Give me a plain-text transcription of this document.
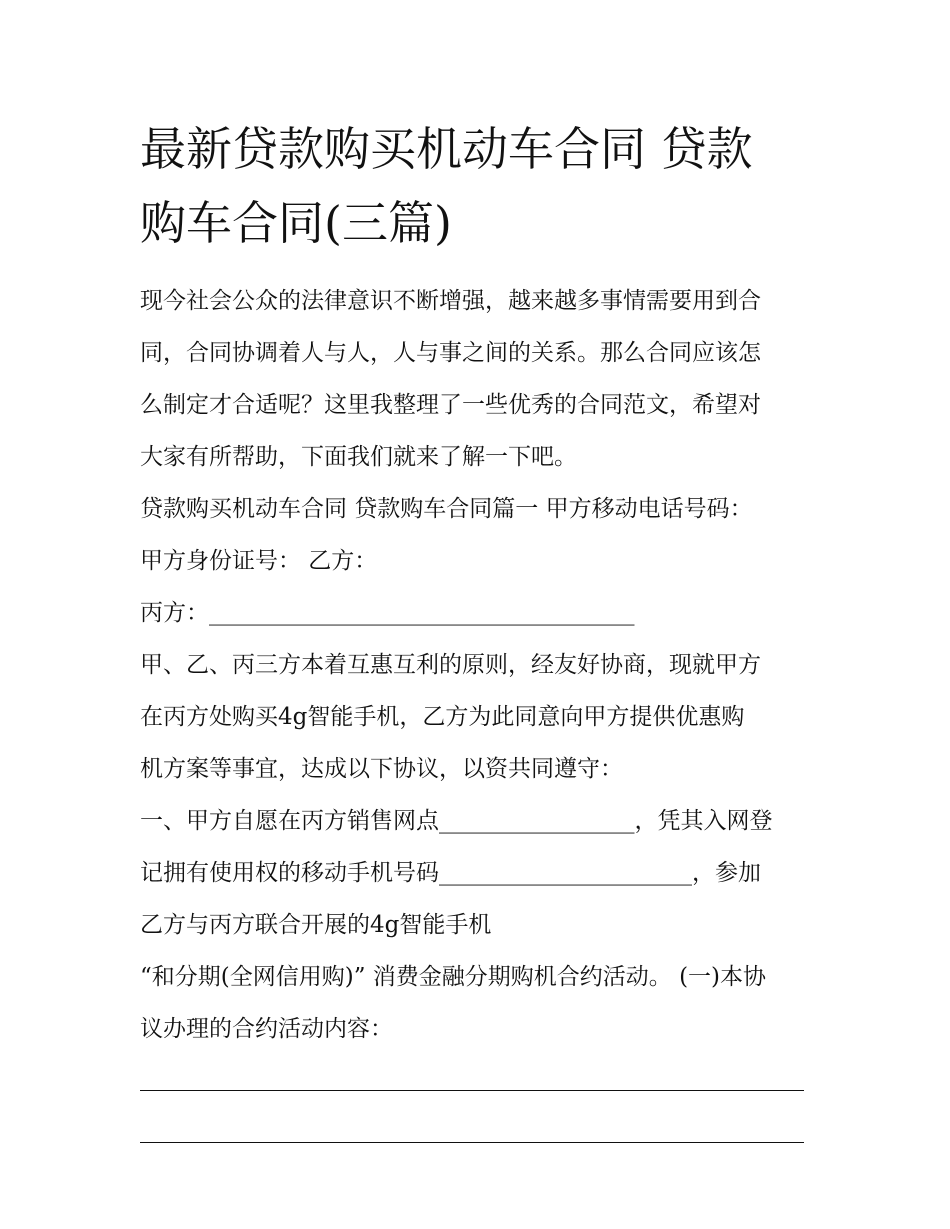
最新贷款购买机动车合同 贷款
购车合同(三篇)
现今社会公众的法律意识不断增强，越来越多事情需要用到合
同，合同协调着人与人，人与事之间的关系。那么合同应该怎
么制定才合适呢？这里我整理了一些优秀的合同范文，希望对
大家有所帮助，下面我们就来了解一下吧。
贷款购买机动车合同 贷款购车合同篇一 甲方移动电话号码：
甲方身份证号： 乙方：
丙方：_____________________________________
甲、乙、丙三方本着互惠互利的原则，经友好协商，现就甲方
在丙方处购买4g智能手机，乙方为此同意向甲方提供优惠购
机方案等事宜，达成以下协议，以资共同遵守：
一、甲方自愿在丙方销售网点_________________，凭其入网登
记拥有使用权的移动手机号码______________________，参加
乙方与丙方联合开展的4g智能手机
“和分期(全网信用购)” 消费金融分期购机合约活动。 (一)本协
议办理的合约活动内容：
